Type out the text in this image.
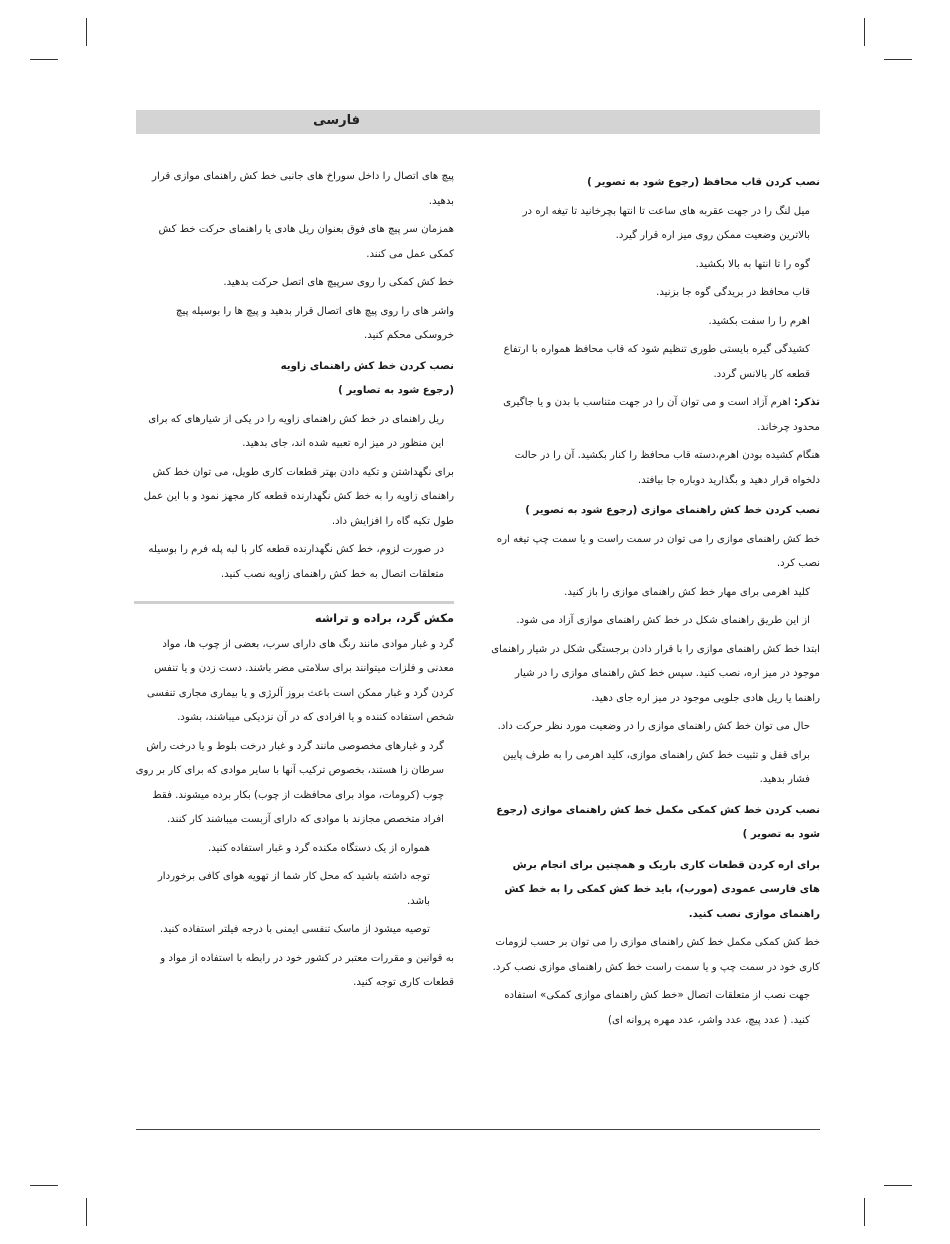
فارسی

نصب کردن قاب محافظ (رجوع شود به تصویر )

میل لنگ را در جهت عقربه های ساعت تا انتها بچرخانید تا تیغه اره در بالاترین وضعیت ممکن روی میز اره قرار گیرد.

گوه را تا انتها به بالا بکشید.

قاب محافظ در بریدگی گوه جا بزنید.

اهرم را را سفت بکشید.

کشیدگی گیره بایستی طوری تنظیم شود که قاب محافظ همواره با ارتفاع قطعه کار بالانس گردد.

تذکر: اهرم آزاد است و می توان آن را در جهت متناسب با بدن و یا جاگیری محدود چرخاند.

هنگام کشیده بودن اهرم،دسته قاب محافظ را کنار بکشید. آن را در حالت دلخواه قرار دهید و بگذارید دوباره جا بیافتد.

نصب کردن خط کش راهنمای موازی (رجوع شود به تصویر )

خط کش راهنمای موازی را می توان در سمت راست و یا سمت چپ تیغه اره نصب کرد.

کلید اهرمی برای مهار خط کش راهنمای موازی را باز کنید.

از این طریق راهنمای شکل در خط کش راهنمای موازی آزاد می شود.

ابتدا خط کش راهنمای موازی را با قرار دادن برجستگی شکل در شیار راهنمای موجود در میز اره، نصب کنید. سپس خط کش راهنمای موازی را در شیار راهنما یا ریل هادی جلویی موجود در میز اره جای دهید.

حال می توان خط کش راهنمای موازی را در وضعیت مورد نظر حرکت داد.

برای قفل و تثبیت خط کش راهنمای موازی، کلید اهرمی را به طرف پایین فشار بدهید.

نصب کردن خط کش کمکی مکمل خط کش راهنمای موازی (رجوع شود به تصویر )

برای اره کردن قطعات کاری باریک و همچنین برای انجام برش های فارسی عمودی (مورب)، باید خط کش کمکی را به خط کش راهنمای موازی نصب کنید.

خط کش کمکی مکمل خط کش راهنمای موازی را می توان بر حسب لزومات کاری خود در سمت چپ و یا سمت راست خط کش راهنمای موازی نصب کرد.

جهت نصب از متعلقات اتصال «خط کش راهنمای موازی کمکی» استفاده کنید. ( عدد پیچ، عدد واشر، عدد مهره پروانه ای)

پیچ های اتصال را داخل سوراخ های جانبی خط کش راهنمای موازی قرار بدهید.

همزمان سر پیچ های فوق بعنوان ریل هادی یا راهنمای حرکت خط کش کمکی عمل می کنند.

خط کش کمکی را روی سرپیچ های اتصل حرکت بدهید.

واشر های را روی پیچ های اتصال قرار بدهید و پیچ ها را بوسیله پیچ خروسکی محکم کنید.

نصب کردن خط کش راهنمای زاویه

(رجوع شود به تصاویر )

ریل راهنمای در خط کش راهنمای زاویه را در یکی از شیارهای که برای این منظور در میز اره تعبیه شده اند، جای بدهید.

برای نگهداشتن و تکیه دادن بهتر قطعات کاری طویل، می توان خط کش راهنمای زاویه را به خط کش نگهدارنده قطعه کار مجهز نمود و با این عمل طول تکیه گاه را افزایش داد.

در صورت لزوم، خط کش نگهدارنده قطعه کار با لبه پله فرم را بوسیله متعلقات اتصال به خط کش راهنمای زاویه نصب کنید.

مکش گرد، براده و تراشه

گرد و غبار موادی مانند رنگ های دارای سرب، بعضی از چوب ها، مواد معدنی و فلزات میتوانند برای سلامتی مضر باشند. دست زدن و یا تنفس کردن گرد و غبار ممکن است باعث بروز آلرژی و یا بیماری مجاری تنفسی شخص استفاده کننده و یا افرادی که در آن نزدیکی میباشند، بشود.

گرد و غبارهای مخصوصی مانند گرد و غبار درخت بلوط و یا درخت راش سرطان زا هستند، بخصوص ترکیب آنها با سایر موادی که برای کار بر روی چوب (کرومات، مواد برای محافظت از چوب) بکار برده میشوند. فقط افراد متخصص مجازند با موادی که دارای آزبست میباشند کار کنند.

همواره از یک دستگاه مکنده گرد و غبار استفاده کنید.

توجه داشته باشید که محل کار شما از تهویه هوای کافی برخوردار باشد.

توصیه میشود از ماسک تنفسی ایمنی با درجه فیلتر استفاده کنید.

به قوانین و مقررات معتبر در کشور خود در رابطه با استفاده از مواد و قطعات کاری توجه کنید.
